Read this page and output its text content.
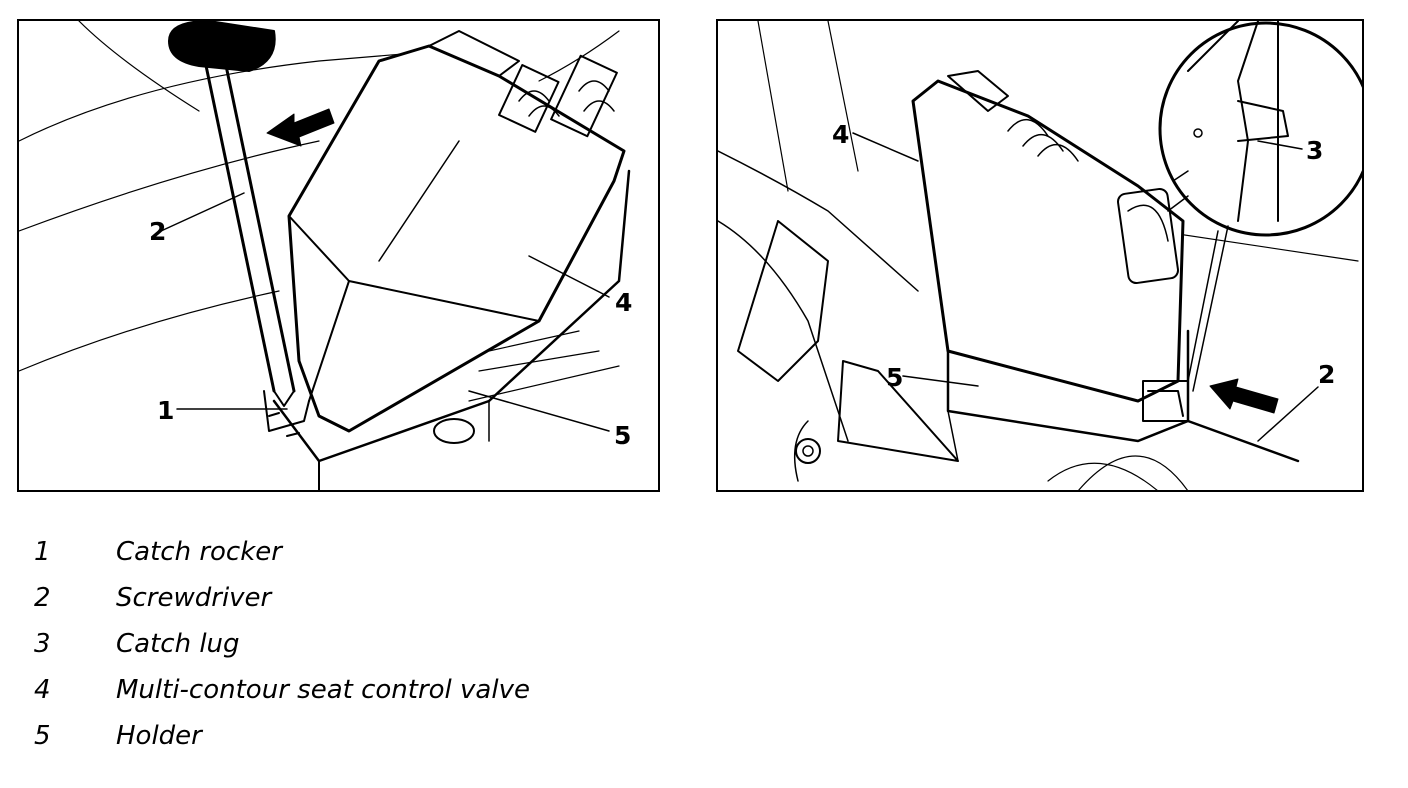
2
1
4
5
4
5
3
2
1	Catch rocker
2	Screwdriver
3	Catch lug
4	Multi-contour seat control valve
5	Holder
